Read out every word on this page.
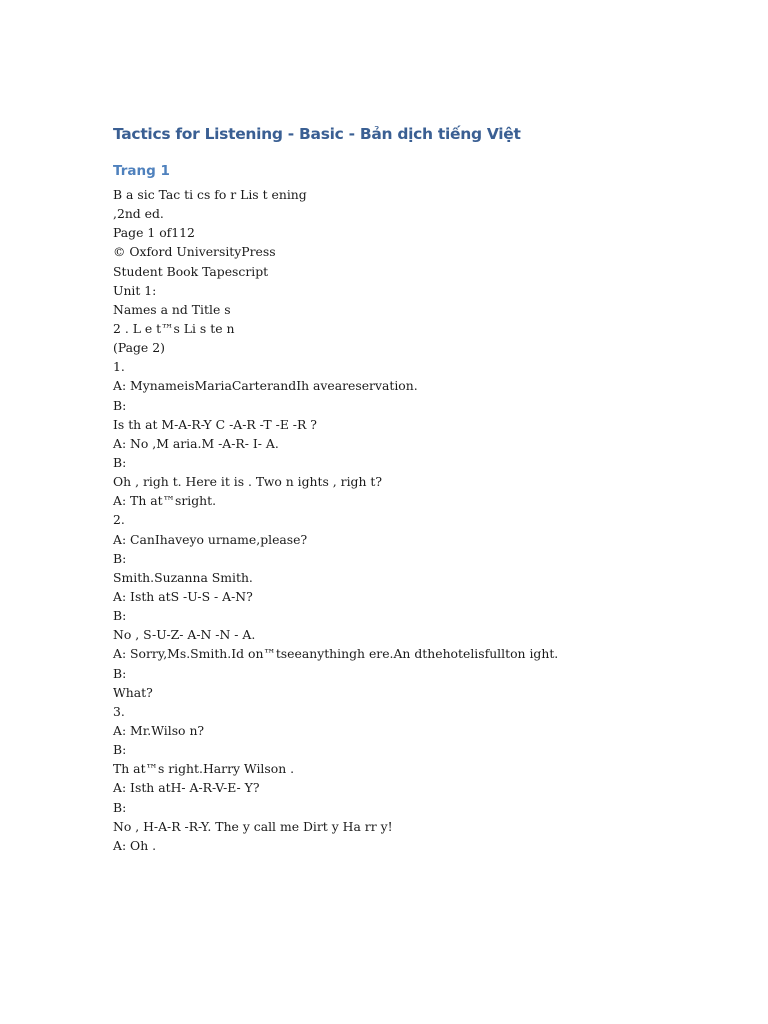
Tactics for Listening - Basic - Bản dịch tiếng Việt
Trang 1
B a sic Tac ti cs fo r Lis t ening
,2nd ed.
Page 1 of112
© Oxford UniversityPress
Student Book Tapescript
Unit 1:
Names a nd Title s
2 . L e t™s Li s te n
(Page 2)
1.
A: MynameisMariaCarterandIh aveareservation.
B:
Is th at M-A-R-Y C -A-R -T -E -R ?
A: No ,M aria.M -A-R- I- A.
B:
Oh , righ t. Here it is . Two n ights , righ t?
A: Th at™sright.
2.
A: CanIhaveyo urname,please?
B:
Smith.Suzanna Smith.
A: Isth atS -U-S - A-N?
B:
No , S-U-Z- A-N -N - A.
A: Sorry,Ms.Smith.Id on™tseeanythingh ere.An dthehotelisfullton ight.
B:
What?
3.
A: Mr.Wilso n?
B:
Th at™s right.Harry Wilson .
A: Isth atH- A-R-V-E- Y?
B:
No , H-A-R -R-Y. The y call me Dirt y Ha rr y!
A: Oh .
